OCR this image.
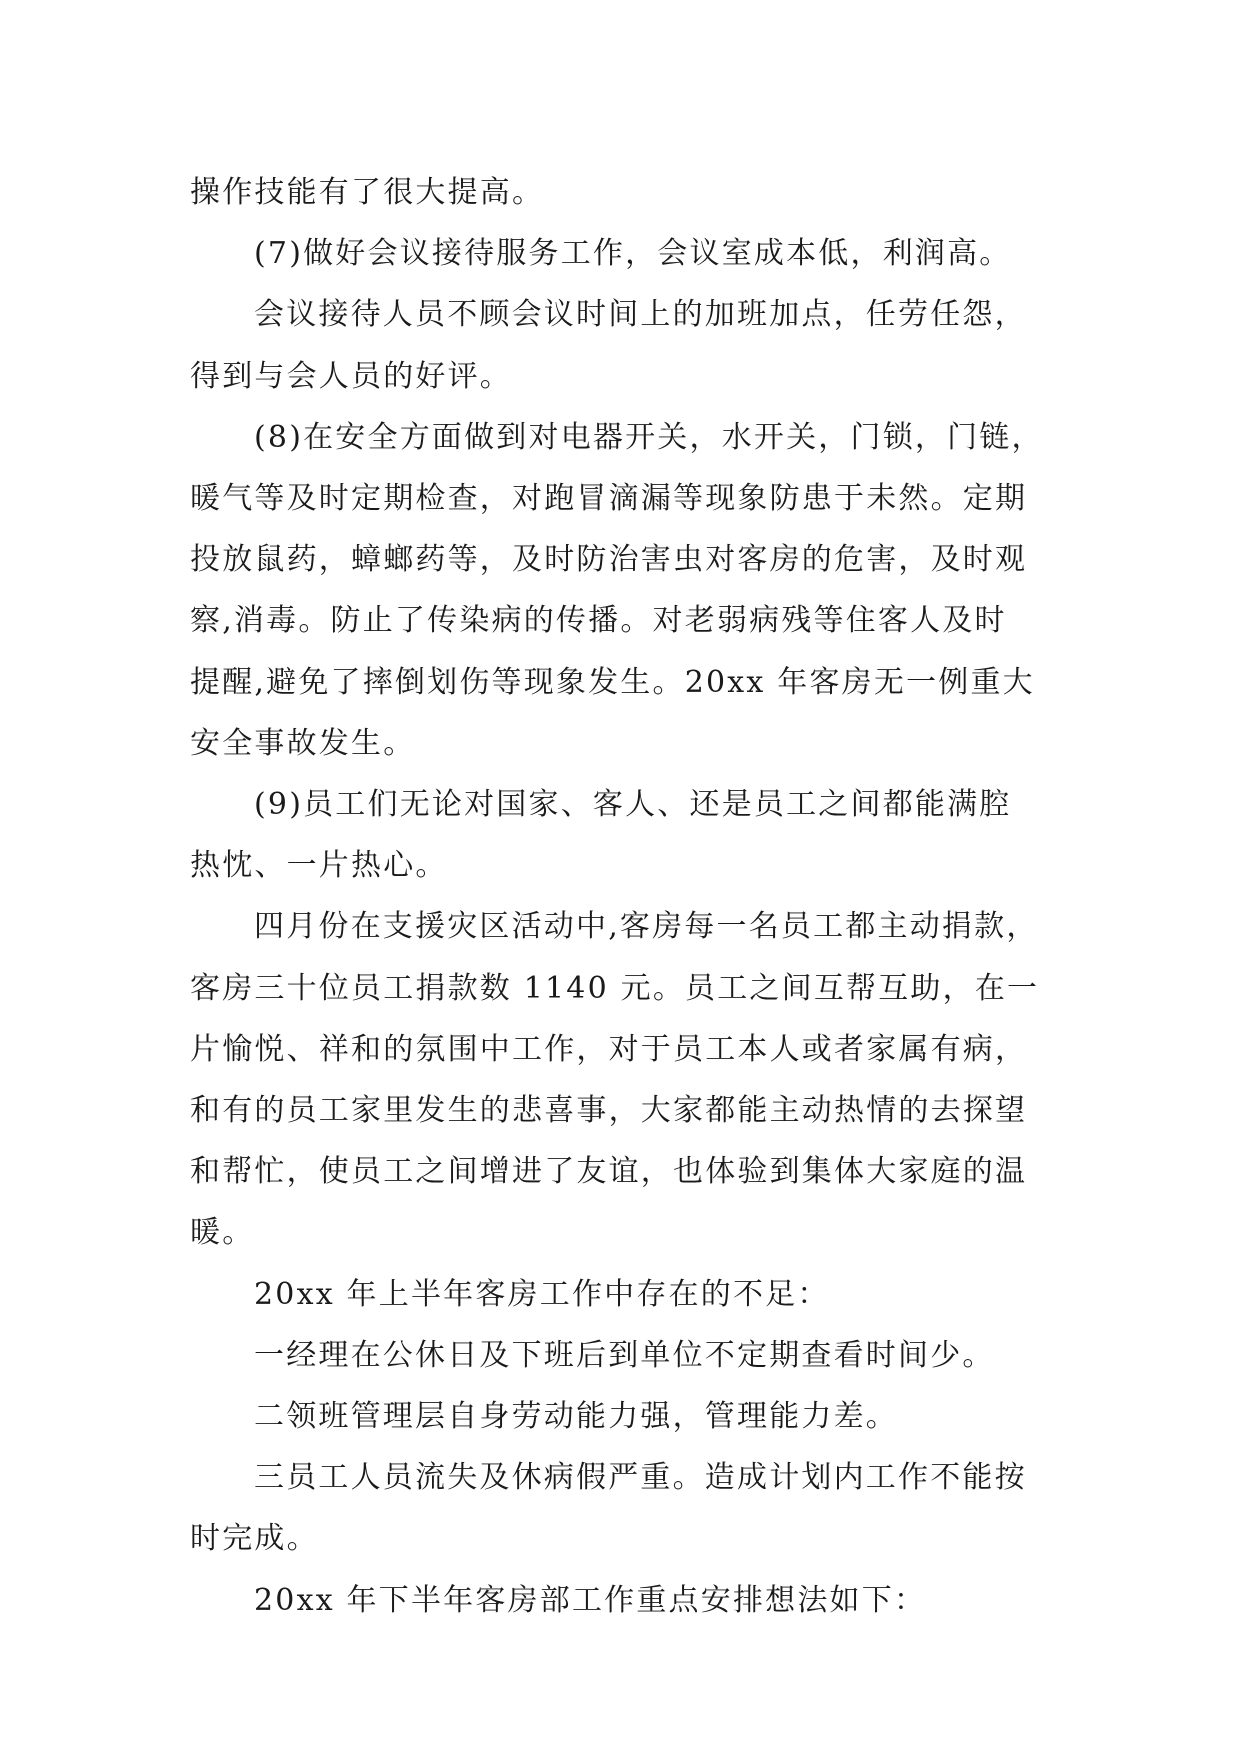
操作技能有了很大提高。

(7)做好会议接待服务工作，会议室成本低，利润高。

会议接待人员不顾会议时间上的加班加点，任劳任怨，
得到与会人员的好评。

(8)在安全方面做到对电器开关，水开关，门锁，门链，
暖气等及时定期检查，对跑冒滴漏等现象防患于未然。定期
投放鼠药，蟑螂药等，及时防治害虫对客房的危害，及时观
察,消毒。防止了传染病的传播。对老弱病残等住客人及时
提醒,避免了摔倒划伤等现象发生。20xx 年客房无一例重大
安全事故发生。

(9)员工们无论对国家、客人、还是员工之间都能满腔
热忱、一片热心。

四月份在支援灾区活动中,客房每一名员工都主动捐款，
客房三十位员工捐款数 1140 元。员工之间互帮互助，在一
片愉悦、祥和的氛围中工作，对于员工本人或者家属有病，
和有的员工家里发生的悲喜事，大家都能主动热情的去探望
和帮忙，使员工之间增进了友谊，也体验到集体大家庭的温
暖。

20xx 年上半年客房工作中存在的不足：

一经理在公休日及下班后到单位不定期查看时间少。

二领班管理层自身劳动能力强，管理能力差。

三员工人员流失及休病假严重。造成计划内工作不能按
时完成。

20xx 年下半年客房部工作重点安排想法如下：
